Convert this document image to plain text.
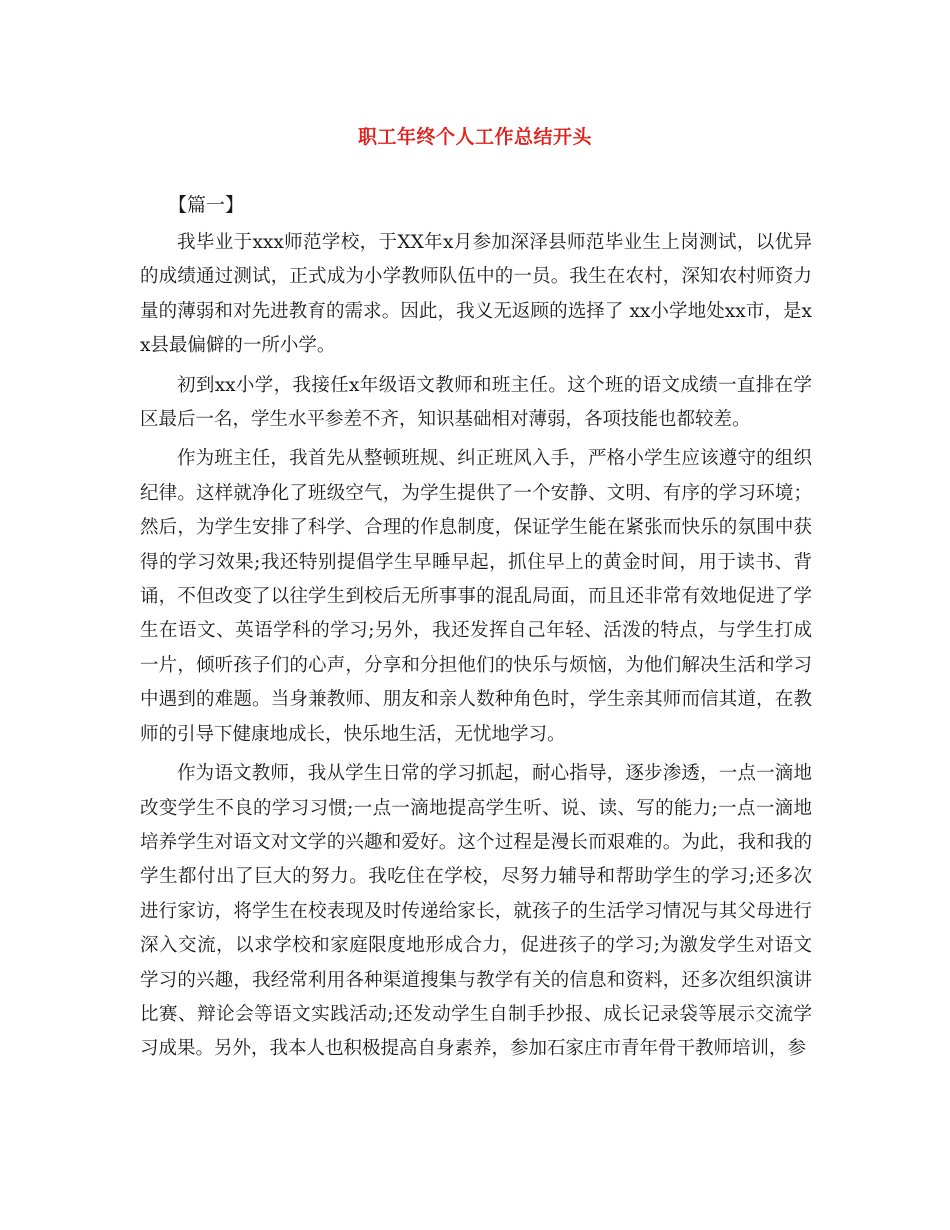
职工年终个人工作总结开头

【篇一】

我毕业于xxx师范学校，于XX年x月参加深泽县师范毕业生上岗测试，以优异的成绩通过测试，正式成为小学教师队伍中的一员。我生在农村，深知农村师资力量的薄弱和对先进教育的需求。因此，我义无返顾的选择了 xx小学地处xx市，是xx县最偏僻的一所小学。

初到xx小学，我接任x年级语文教师和班主任。这个班的语文成绩一直排在学区最后一名，学生水平参差不齐，知识基础相对薄弱，各项技能也都较差。

作为班主任，我首先从整顿班规、纠正班风入手，严格小学生应该遵守的组织纪律。这样就净化了班级空气，为学生提供了一个安静、文明、有序的学习环境；然后，为学生安排了科学、合理的作息制度，保证学生能在紧张而快乐的氛围中获得的学习效果;我还特别提倡学生早睡早起，抓住早上的黄金时间，用于读书、背诵，不但改变了以往学生到校后无所事事的混乱局面，而且还非常有效地促进了学生在语文、英语学科的学习;另外，我还发挥自己年轻、活泼的特点，与学生打成一片，倾听孩子们的心声，分享和分担他们的快乐与烦恼，为他们解决生活和学习中遇到的难题。当身兼教师、朋友和亲人数种角色时，学生亲其师而信其道，在教师的引导下健康地成长，快乐地生活，无忧地学习。

作为语文教师，我从学生日常的学习抓起，耐心指导，逐步渗透，一点一滴地改变学生不良的学习习惯;一点一滴地提高学生听、说、读、写的能力;一点一滴地培养学生对语文对文学的兴趣和爱好。这个过程是漫长而艰难的。为此，我和我的学生都付出了巨大的努力。我吃住在学校，尽努力辅导和帮助学生的学习;还多次进行家访，将学生在校表现及时传递给家长，就孩子的生活学习情况与其父母进行深入交流，以求学校和家庭限度地形成合力，促进孩子的学习;为激发学生对语文学习的兴趣，我经常利用各种渠道搜集与教学有关的信息和资料，还多次组织演讲比赛、辩论会等语文实践活动;还发动学生自制手抄报、成长记录袋等展示交流学习成果。另外，我本人也积极提高自身素养，参加石家庄市青年骨干教师培训，参
